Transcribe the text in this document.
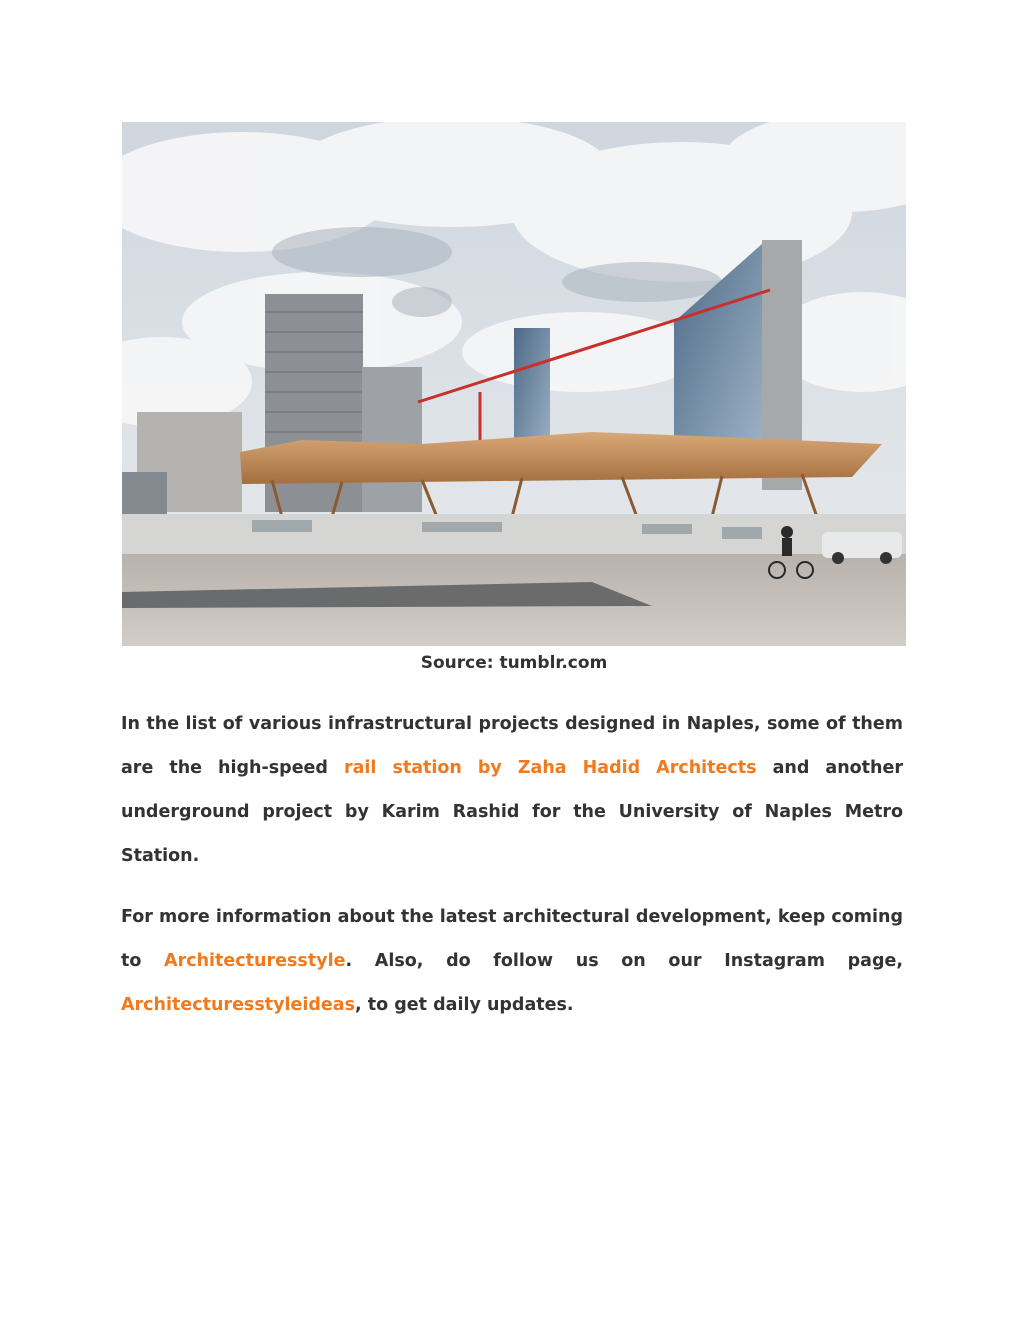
Source: tumblr.com

In the list of various infrastructural projects designed in Naples, some of them are the high-speed rail station by Zaha Hadid Architects and another underground project by Karim Rashid for the University of Naples Metro Station.

For more information about the latest architectural development, keep coming to Architecturesstyle. Also, do follow us on our Instagram page, Architecturesstyleideas, to get daily updates.
